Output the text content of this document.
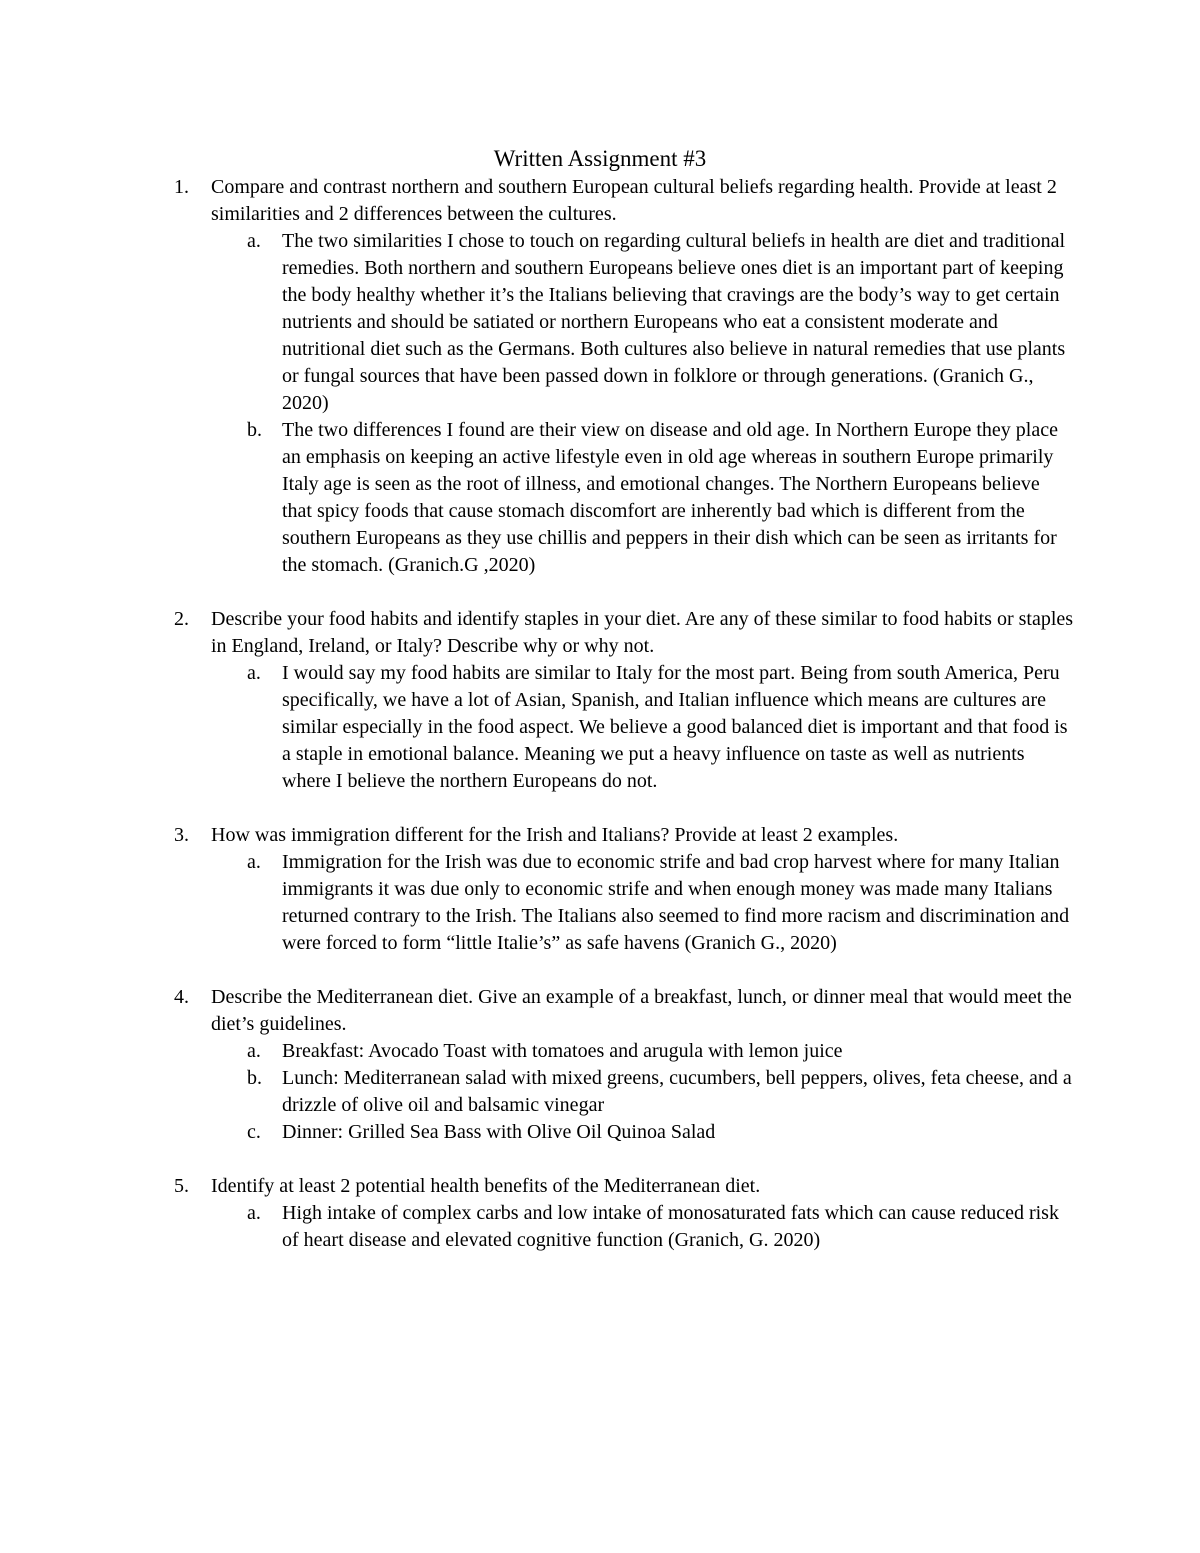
Written Assignment #3
1. Compare and contrast northern and southern European cultural beliefs regarding health. Provide at least 2 similarities and 2 differences between the cultures.
a. The two similarities I chose to touch on regarding cultural beliefs in health are diet and traditional remedies. Both northern and southern Europeans believe ones diet is an important part of keeping the body healthy whether it’s the Italians believing that cravings are the body’s way to get certain nutrients and should be satiated or northern Europeans who eat a consistent moderate and nutritional diet such as the Germans. Both cultures also believe in natural remedies that use plants or fungal sources that have been passed down in folklore or through generations. (Granich G., 2020)
b. The two differences I found are their view on disease and old age. In Northern Europe they place an emphasis on keeping an active lifestyle even in old age whereas in southern Europe primarily Italy age is seen as the root of illness, and emotional changes. The Northern Europeans believe that spicy foods that cause stomach discomfort are inherently bad which is different from the southern Europeans as they use chillis and peppers in their dish which can be seen as irritants for the stomach. (Granich.G ,2020)
2. Describe your food habits and identify staples in your diet. Are any of these similar to food habits or staples in England, Ireland, or Italy? Describe why or why not.
a. I would say my food habits are similar to Italy for the most part. Being from south America, Peru specifically, we have a lot of Asian, Spanish, and Italian influence which means are cultures are similar especially in the food aspect. We believe a good balanced diet is important and that food is a staple in emotional balance. Meaning we put a heavy influence on taste as well as nutrients where I believe the northern Europeans do not.
3. How was immigration different for the Irish and Italians? Provide at least 2 examples.
a. Immigration for the Irish was due to economic strife and bad crop harvest where for many Italian immigrants it was due only to economic strife and when enough money was made many Italians returned contrary to the Irish. The Italians also seemed to find more racism and discrimination and were forced to form “little Italie’s” as safe havens (Granich G., 2020)
4. Describe the Mediterranean diet. Give an example of a breakfast, lunch, or dinner meal that would meet the diet’s guidelines.
a. Breakfast: Avocado Toast with tomatoes and arugula with lemon juice
b. Lunch: Mediterranean salad with mixed greens, cucumbers, bell peppers, olives, feta cheese, and a drizzle of olive oil and balsamic vinegar
c. Dinner: Grilled Sea Bass with Olive Oil Quinoa Salad
5. Identify at least 2 potential health benefits of the Mediterranean diet.
a. High intake of complex carbs and low intake of monosaturated fats which can cause reduced risk of heart disease and elevated cognitive function (Granich, G. 2020)
